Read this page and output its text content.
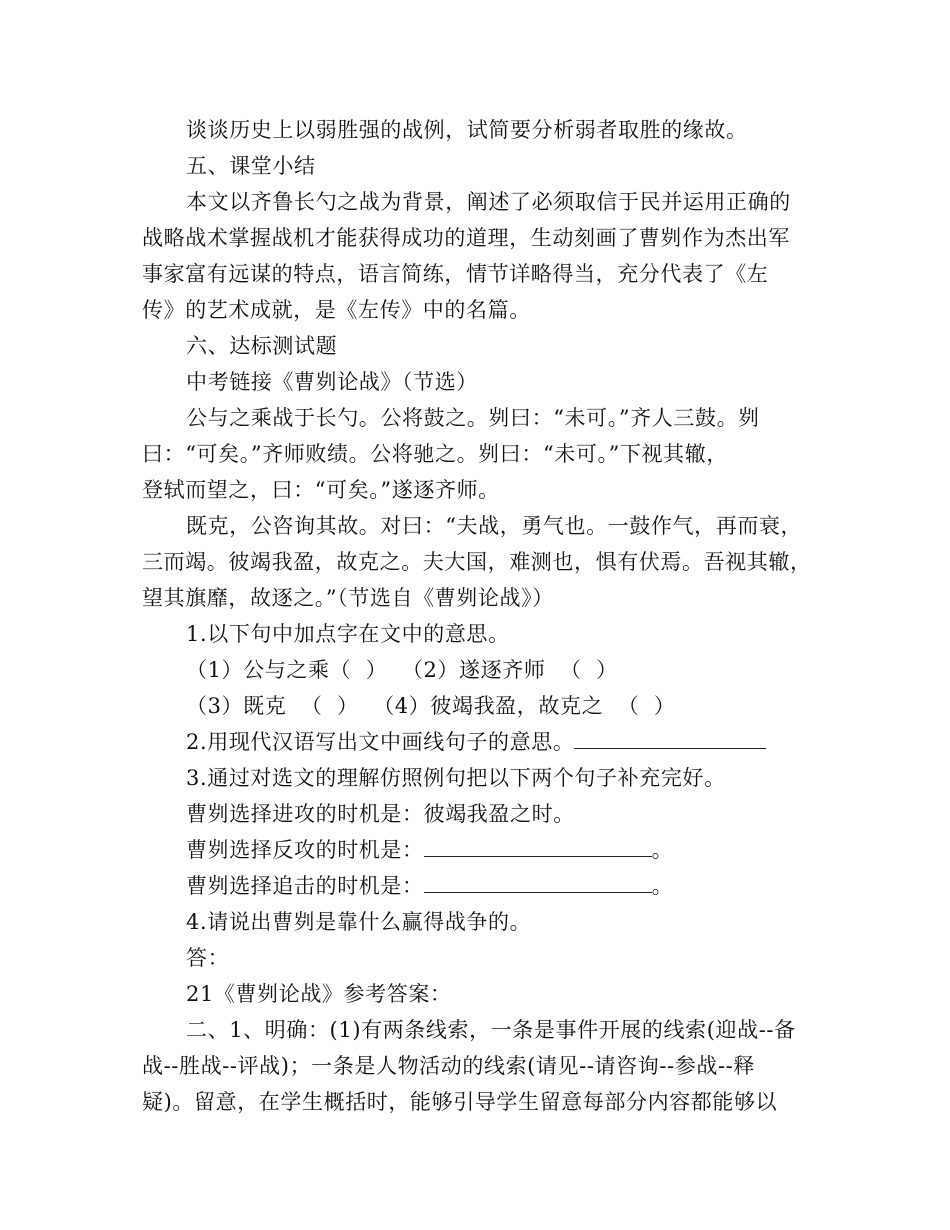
谈谈历史上以弱胜强的战例，试简要分析弱者取胜的缘故。
五、课堂小结
本文以齐鲁长勺之战为背景，阐述了必须取信于民并运用正确的
战略战术掌握战机才能获得成功的道理，生动刻画了曹刿作为杰出军
事家富有远谋的特点，语言简练，情节详略得当，充分代表了《左
传》的艺术成就，是《左传》中的名篇。
六、达标测试题
中考链接《曹刿论战》（节选）
公与之乘战于长勺。公将鼓之。刿曰：“未可。”齐人三鼓。刿
曰：“可矣。”齐师败绩。公将驰之。刿曰：“未可。”下视其辙，
登轼而望之，曰：“可矣。”遂逐齐师。
既克，公咨询其故。对曰：“夫战，勇气也。一鼓作气，再而衰，
三而竭。彼竭我盈，故克之。夫大国，难测也，惧有伏焉。吾视其辙，
望其旗靡，故逐之。”（节选自《曹刿论战》）
1.以下句中加点字在文中的意思。
（1）公与之乘（  ）  （2）遂逐齐师  （  ）
（3）既克  （  ）  （4）彼竭我盈，故克之  （  ）
2.用现代汉语写出文中画线句子的意思。
3.通过对选文的理解仿照例句把以下两个句子补充完好。
曹刿选择进攻的时机是：彼竭我盈之时。
曹刿选择反攻的时机是：	。
曹刿选择追击的时机是：	。
4.请说出曹刿是靠什么赢得战争的。
答：
21《曹刿论战》参考答案：
二、1、明确：(1)有两条线索，一条是事件开展的线索(迎战--备
战--胜战--评战)；一条是人物活动的线索(请见--请咨询--参战--释
疑)。留意，在学生概括时，能够引导学生留意每部分内容都能够以
